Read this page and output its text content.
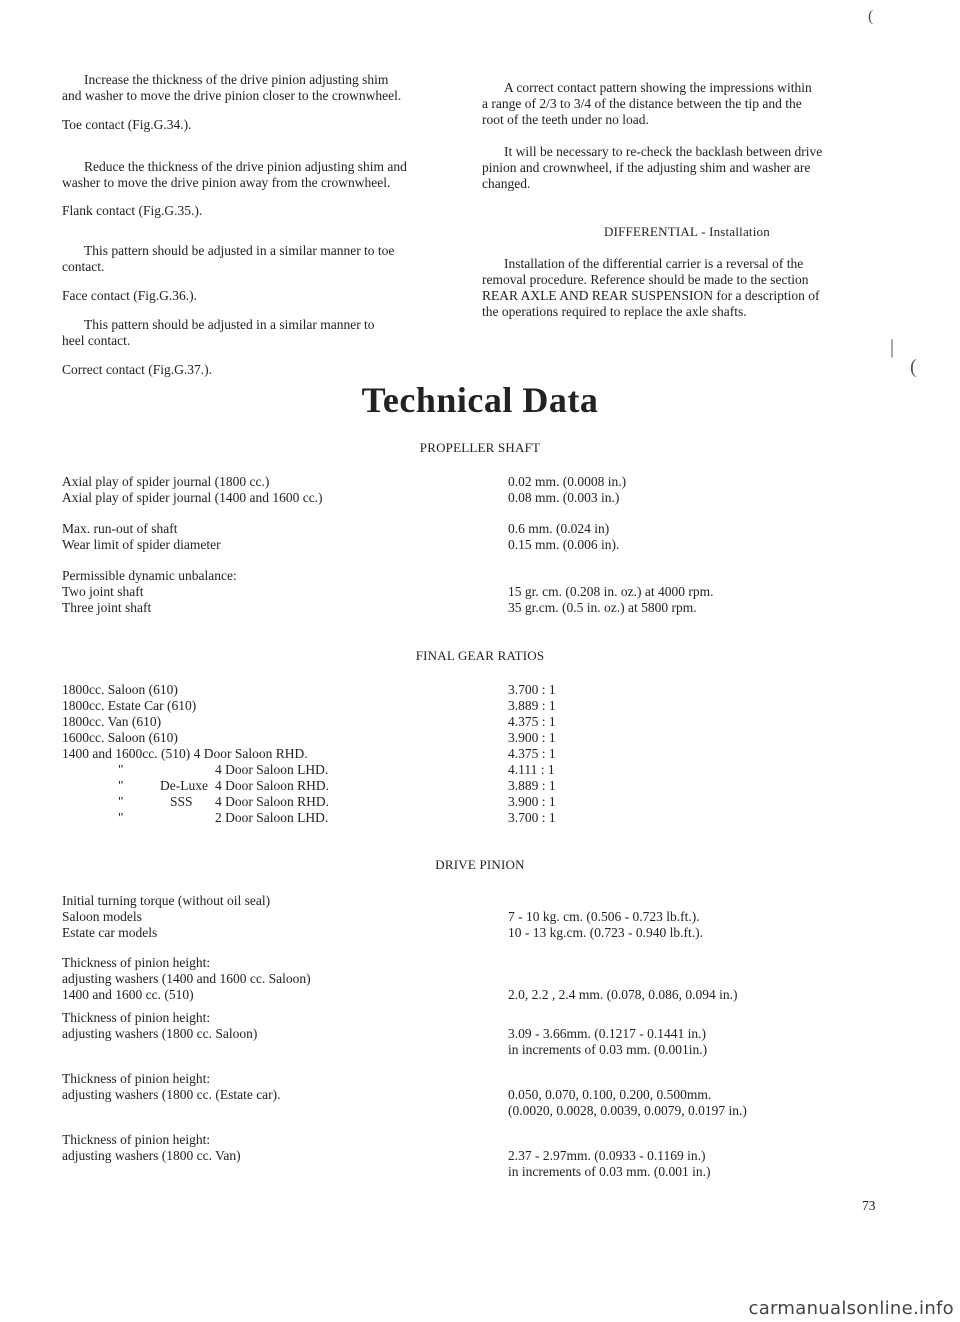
Increase the thickness of the drive pinion adjusting shim
and washer to move the drive pinion closer to the crownwheel.
Toe contact (Fig.G.34.).
Reduce the thickness of the drive pinion adjusting shim and
washer to move the drive pinion away from the crownwheel.
Flank contact (Fig.G.35.).
This pattern should be adjusted in a similar manner to toe
contact.
Face contact (Fig.G.36.).
This pattern should be adjusted in a similar manner to
heel contact.
Correct contact (Fig.G.37.).
A correct contact pattern showing the impressions within
a range of 2/3 to 3/4 of the distance between the tip and the
root of the teeth under no load.
It will be necessary to re-check the backlash between drive
pinion and crownwheel, if the adjusting shim and washer are
changed.
DIFFERENTIAL - Installation
Installation of the differential carrier is a reversal of the
removal procedure. Reference should be made to the section
REAR AXLE AND REAR SUSPENSION for a description of
the operations required to replace the axle shafts.
Technical Data
PROPELLER SHAFT
Axial play of spider journal (1800 cc.)	0.02 mm. (0.0008 in.)
Axial play of spider journal (1400 and 1600 cc.)	0.08 mm. (0.003 in.)
Max. run-out of shaft	0.6 mm. (0.024 in)
Wear limit of spider diameter	0.15 mm. (0.006 in).
Permissible dynamic unbalance:
Two joint shaft	15 gr. cm. (0.208 in. oz.) at 4000 rpm.
Three joint shaft	35 gr.cm. (0.5 in. oz.) at 5800 rpm.
FINAL GEAR RATIOS
1800cc. Saloon (610)	3.700 : 1
1800cc. Estate Car (610)	3.889 : 1
1800cc. Van (610)	4.375 : 1
1600cc. Saloon (610)	3.900 : 1
1400 and 1600cc. (510) 4 Door Saloon RHD.	4.375 : 1
"	4 Door Saloon LHD.	4.111 : 1
"	De-Luxe 4 Door Saloon RHD.	3.889 : 1
"	SSS 4 Door Saloon RHD.	3.900 : 1
"	2 Door Saloon LHD.	3.700 : 1
DRIVE PINION
Initial turning torque (without oil seal)
Saloon models	7 - 10 kg. cm. (0.506 - 0.723 lb.ft.).
Estate car models	10 - 13 kg.cm. (0.723 - 0.940 lb.ft.).
Thickness of pinion height:
adjusting washers (1400 and 1600 cc. Saloon)
1400 and 1600 cc. (510)	2.0, 2.2 , 2.4 mm. (0.078, 0.086, 0.094 in.)
Thickness of pinion height:
adjusting washers (1800 cc. Saloon)	3.09 - 3.66mm. (0.1217 - 0.1441 in.)
in increments of 0.03 mm. (0.001in.)
Thickness of pinion height:
adjusting washers (1800 cc. (Estate car).	0.050, 0.070, 0.100, 0.200, 0.500mm.
(0.0020, 0.0028, 0.0039, 0.0079, 0.0197 in.)
Thickness of pinion height:
adjusting washers (1800 cc. Van)	2.37 - 2.97mm. (0.0933 - 0.1169 in.)
in increments of 0.03 mm. (0.001 in.)
73
(
|
(
carmanualsonline.info
